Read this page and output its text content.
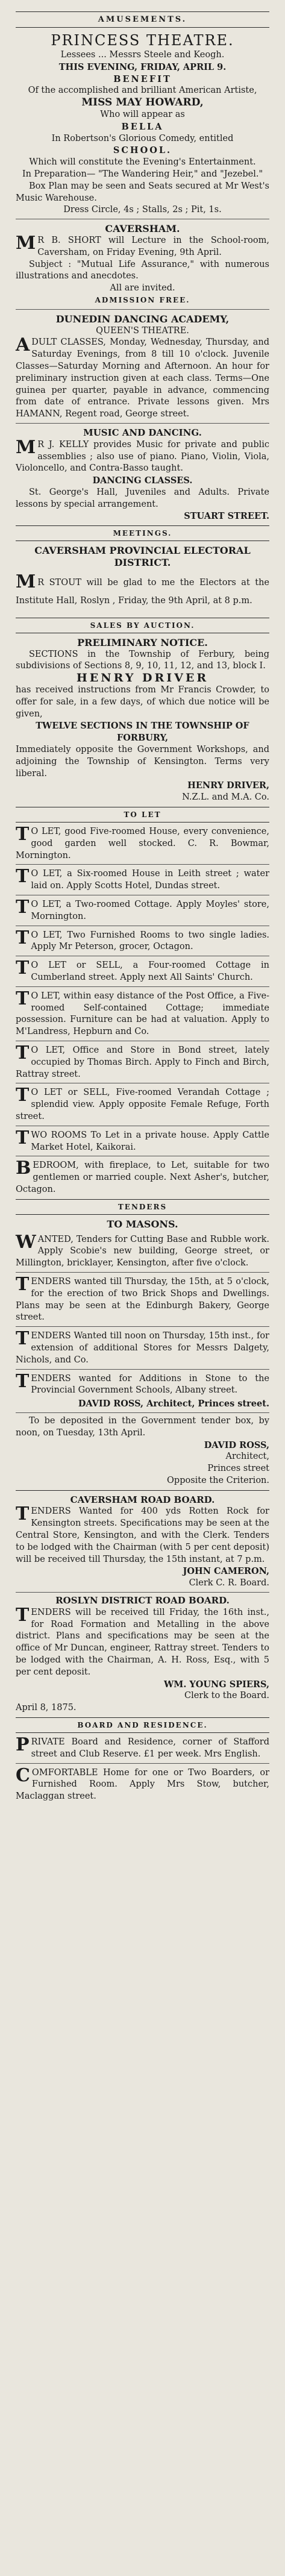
AMUSEMENTS.

PRINCESS THEATRE.

Lessees ... Messrs Steele and Keogh.

THIS EVENING, FRIDAY, APRIL 9.

BENEFIT

Of the accomplished and brilliant American Artiste,

MISS MAY HOWARD,

Who will appear as

BELLA

In Robertson's Glorious Comedy, entitled

SCHOOL.

Which will constitute the Evening's Entertainment.

In Preparation— "The Wandering Heir," and "Jezebel."

Box Plan may be seen and Seats secured at Mr West's Music Warehouse.

Dress Circle, 4s ; Stalls, 2s ; Pit, 1s.

CAVERSHAM.

MR B. SHORT will Lecture in the School-room, Caversham, on Friday Evening, 9th April.

Subject : "Mutual Life Assurance," with numerous illustrations and anecdotes.

All are invited.

ADMISSION FREE.

DUNEDIN DANCING ACADEMY,

QUEEN'S THEATRE.

ADULT CLASSES, Monday, Wednesday, Thursday, and Saturday Evenings, from 8 till 10 o'clock. Juvenile Classes—Saturday Morning and Afternoon. An hour for preliminary instruction given at each class. Terms—One guinea per quarter, payable in advance, commencing from date of entrance. Private lessons given. Mrs HAMANN, Regent road, George street.

MUSIC AND DANCING.

MR J. KELLY provides Music for private and public assemblies ; also use of piano. Piano, Violin, Viola, Violoncello, and Contra-Basso taught.

DANCING CLASSES.

St. George's Hall, Juveniles and Adults. Private lessons by special arrangement.

STUART STREET.

MEETINGS.

CAVERSHAM PROVINCIAL ELECTORAL DISTRICT.

MR STOUT will be glad to me the Electors at the Institute Hall, Roslyn , Friday, the 9th April, at 8 p.m.

SALES BY AUCTION.

PRELIMINARY NOTICE.

SECTIONS in the Township of Ferbury, being subdivisions of Sections 8, 9, 10, 11, 12, and 13, block I.

HENRY DRIVER

has received instructions from Mr Francis Crowder, to offer for sale, in a few days, of which due notice will be given,

TWELVE SECTIONS IN THE TOWNSHIP OF FORBURY,

Immediately opposite the Government Workshops, and adjoining the Township of Kensington. Terms very liberal.

HENRY DRIVER,

N.Z.L. and M.A. Co.

TO LET

TO LET, good Five-roomed House, every convenience, good garden well stocked. C. R. Bowmar, Mornington.

TO LET, a Six-roomed House in Leith street ; water laid on. Apply Scotts Hotel, Dundas street.

TO LET, a Two-roomed Cottage. Apply Moyles' store, Mornington.

TO LET, Two Furnished Rooms to two single ladies. Apply Mr Peterson, grocer, Octagon.

TO LET or SELL, a Four-roomed Cottage in Cumberland street. Apply next All Saints' Church.

TO LET, within easy distance of the Post Office, a Five-roomed Self-contained Cottage; immediate possession. Furniture can be had at valuation. Apply to M'Landress, Hepburn and Co.

TO LET, Office and Store in Bond street, lately occupied by Thomas Birch. Apply to Finch and Birch, Rattray street.

TO LET or SELL, Five-roomed Verandah Cottage ; splendid view. Apply opposite Female Refuge, Forth street.

TWO ROOMS To Let in a private house. Apply Cattle Market Hotel, Kaikorai.

BEDROOM, with fireplace, to Let, suitable for two gentlemen or married couple. Next Asher's, butcher, Octagon.

TENDERS

TO MASONS.

WANTED, Tenders for Cutting Base and Rubble work. Apply Scobie's new building, George street, or Millington, bricklayer, Kensington, after five o'clock.

TENDERS wanted till Thursday, the 15th, at 5 o'clock, for the erection of two Brick Shops and Dwellings. Plans may be seen at the Edinburgh Bakery, George street.

TENDERS Wanted till noon on Thursday, 15th inst., for extension of additional Stores for Messrs Dalgety, Nichols, and Co.

TENDERS wanted for Additions in Stone to the Provincial Government Schools, Albany street.

DAVID ROSS, Architect, Princes street.

To be deposited in the Government tender box, by noon, on Tuesday, 13th April.

DAVID ROSS,

Architect,

Princes street

Opposite the Criterion.

CAVERSHAM ROAD BOARD.

TENDERS Wanted for 400 yds Rotten Rock for Kensington streets. Specifications may be seen at the Central Store, Kensington, and with the Clerk. Tenders to be lodged with the Chairman (with 5 per cent deposit) will be received till Thursday, the 15th instant, at 7 p.m.

JOHN CAMERON,

Clerk C. R. Board.

ROSLYN DISTRICT ROAD BOARD.

TENDERS will be received till Friday, the 16th inst., for Road Formation and Metalling in the above district. Plans and specifications may be seen at the office of Mr Duncan, engineer, Rattray street. Tenders to be lodged with the Chairman, A. H. Ross, Esq., with 5 per cent deposit.

WM. YOUNG SPIERS,

Clerk to the Board.

April 8, 1875.

BOARD AND RESIDENCE.

PRIVATE Board and Residence, corner of Stafford street and Club Reserve. £1 per week. Mrs English.

COMFORTABLE Home for one or Two Boarders, or Furnished Room. Apply Mrs Stow, butcher, Maclaggan street.
